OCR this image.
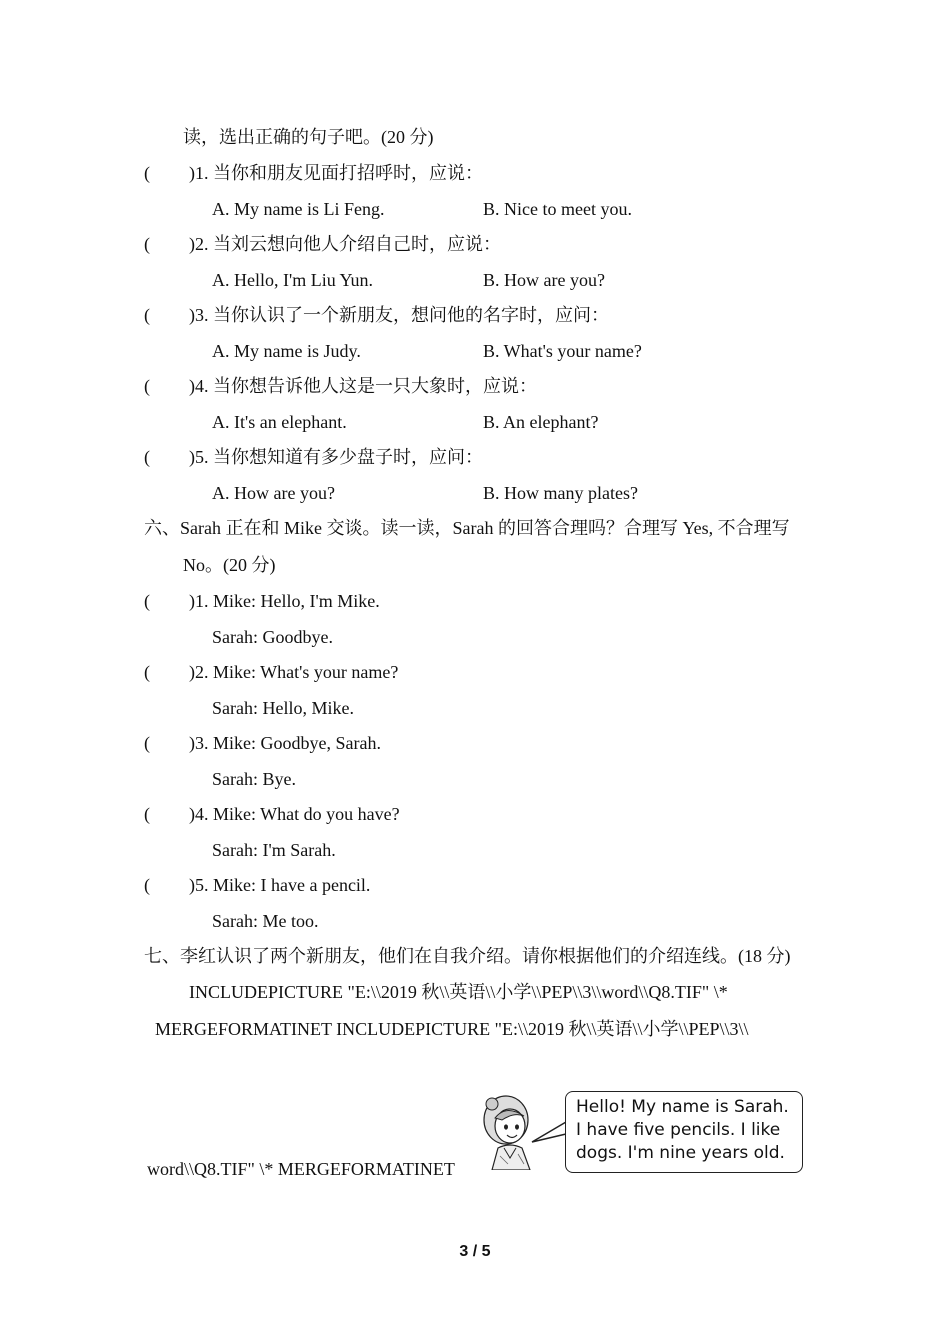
读，选出正确的句子吧。(20 分)
( )1. 当你和朋友见面打招呼时，应说：
A. My name is Li Feng.	B. Nice to meet you.
( )2. 当刘云想向他人介绍自己时，应说：
A. Hello, I'm Liu Yun.	B. How are you?
( )3. 当你认识了一个新朋友，想问他的名字时，应问：
A. My name is Judy.	B. What's your name?
( )4. 当你想告诉他人这是一只大象时，应说：
A. It's an elephant.	B. An elephant?
( )5. 当你想知道有多少盘子时，应问：
A. How are you?	B. How many plates?
六、Sarah 正在和 Mike 交谈。读一读，Sarah 的回答合理吗？合理写 Yes, 不合理写
No。(20 分)
( )1. Mike: Hello, I'm Mike.
Sarah: Goodbye.
( )2. Mike: What's your name?
Sarah: Hello, Mike.
( )3. Mike: Goodbye, Sarah.
Sarah: Bye.
( )4. Mike: What do you have?
Sarah: I'm Sarah.
( )5. Mike: I have a pencil.
Sarah: Me too.
七、李红认识了两个新朋友，他们在自我介绍。请你根据他们的介绍连线。(18 分)
INCLUDEPICTURE "E:\\2019 秋\\英语\\小学\\PEP\\3\\word\\Q8.TIF" \*
MERGEFORMATINET INCLUDEPICTURE "E:\\2019 秋\\英语\\小学\\PEP\\3\\
word\\Q8.TIF" \* MERGEFORMATINET
Hello! My name is Sarah.
I have five pencils. I like
dogs. I'm nine years old.
3 / 5
